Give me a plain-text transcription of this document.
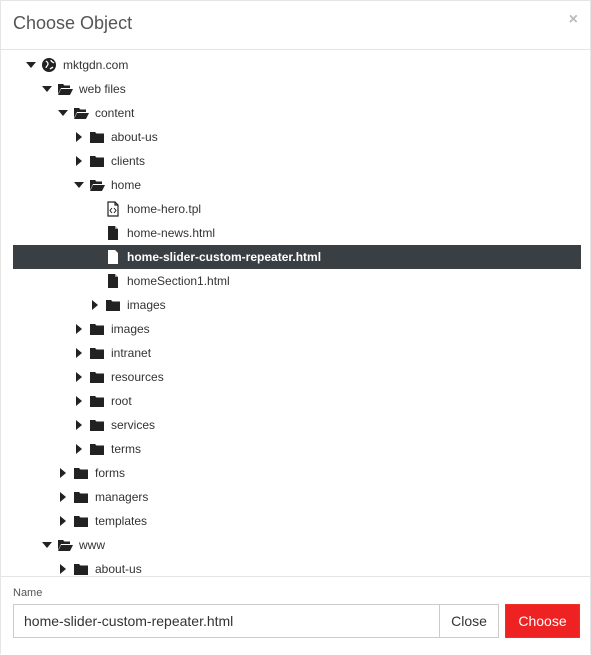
Choose Object	×
mktgdn.com
web files
content
about-us
clients
home
home-hero.tpl
home-news.html
home-slider-custom-repeater.html
homeSection1.html
images
images
intranet
resources
root
services
terms
forms
managers
templates
www
about-us
Name
home-slider-custom-repeater.html
Close	Choose
